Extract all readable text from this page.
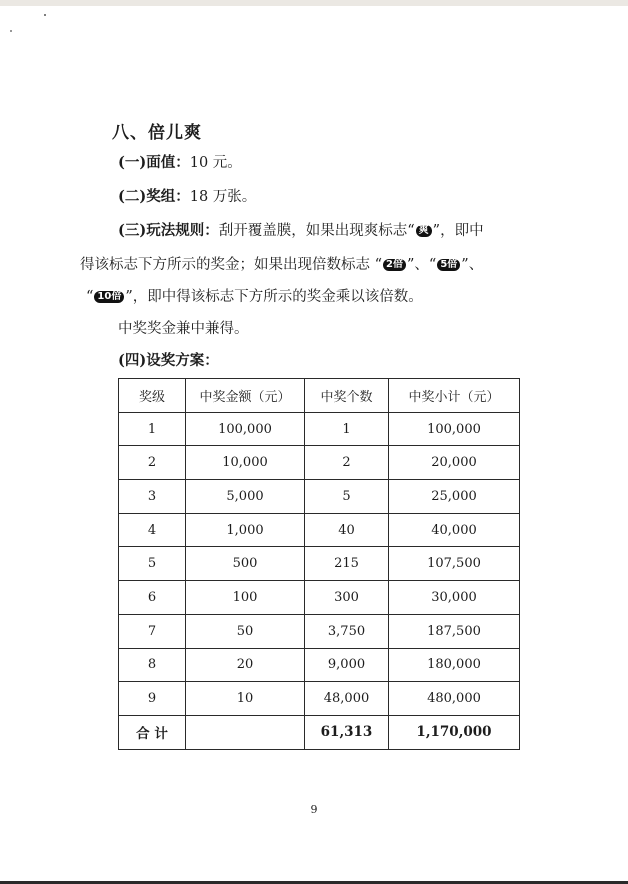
八、倍儿爽
(一)面值：10 元。
(二)奖组：18 万张。
(三)玩法规则：刮开覆盖膜，如果出现爽标志“ 爽 ”，即中
得该标志下方所示的奖金；如果出现倍数标志 “ 2倍 ”、“ 5倍 ”、
“ 10倍 ”，即中得该标志下方所示的奖金乘以该倍数。
中奖奖金兼中兼得。
(四)设奖方案：
奖级	中奖金额（元）	中奖个数	中奖小计（元）
1	100,000	1	100,000
2	10,000	2	20,000
3	5,000	5	25,000
4	1,000	40	40,000
5	500	215	107,500
6	100	300	30,000
7	50	3,750	187,500
8	20	9,000	180,000
9	10	48,000	480,000
合 计		61,313	1,170,000
9
